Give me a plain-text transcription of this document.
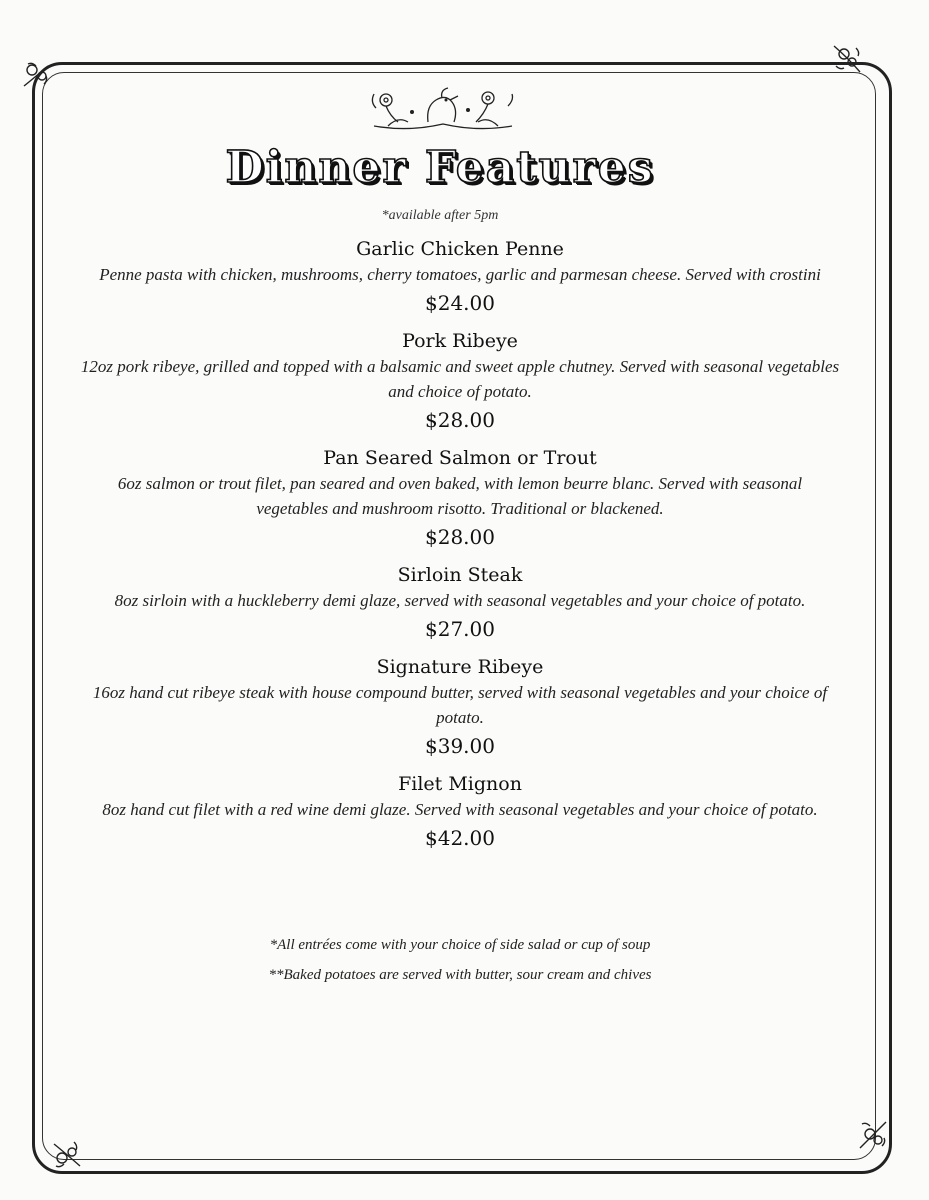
Dinner Features
*available after 5pm
Garlic Chicken Penne
Penne pasta with chicken, mushrooms, cherry tomatoes, garlic and parmesan cheese. Served with crostini
$24.00
Pork Ribeye
12oz pork ribeye, grilled and topped with a balsamic and sweet apple chutney. Served with seasonal vegetables and choice of potato.
$28.00
Pan Seared Salmon or Trout
6oz salmon or trout filet, pan seared and oven baked, with lemon beurre blanc. Served with seasonal vegetables and mushroom risotto. Traditional or blackened.
$28.00
Sirloin Steak
8oz sirloin with a huckleberry demi glaze, served with seasonal vegetables and your choice of potato.
$27.00
Signature Ribeye
16oz hand cut ribeye steak with house compound butter, served with seasonal vegetables and your choice of potato.
$39.00
Filet Mignon
8oz hand cut filet with a red wine demi glaze. Served with seasonal vegetables and your choice of potato.
$42.00
*All entrées come with your choice of side salad or cup of soup
**Baked potatoes are served with butter, sour cream and chives
